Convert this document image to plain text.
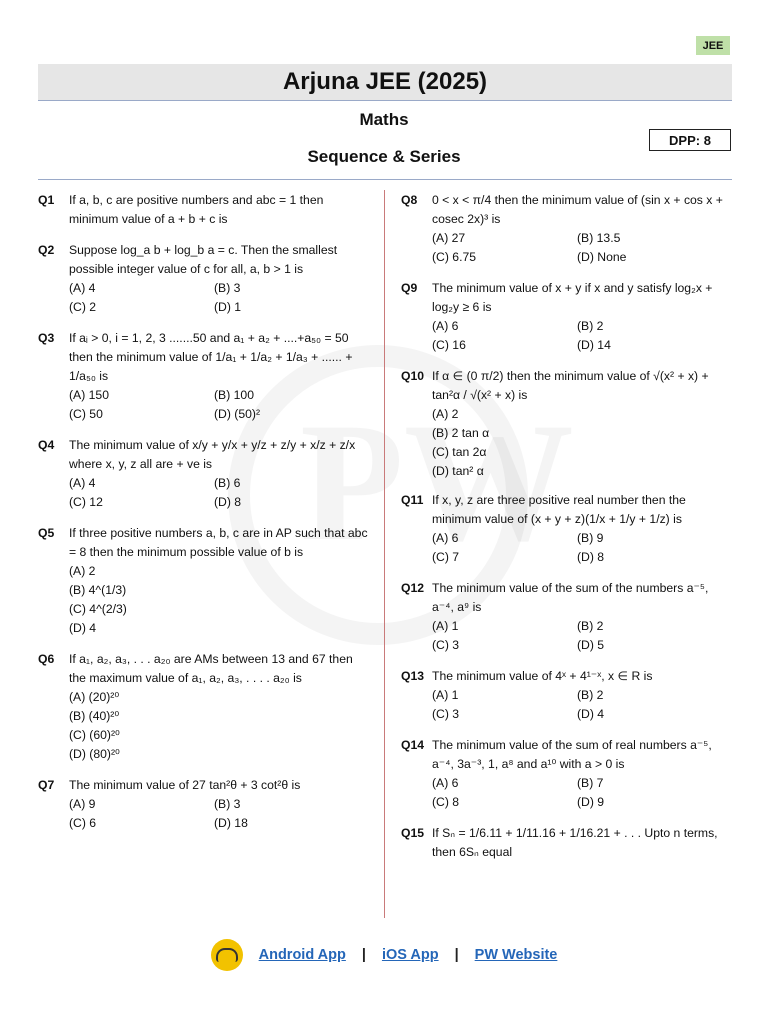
JEE
Arjuna JEE (2025)
Maths
DPP: 8
Sequence & Series
Q1	If a, b, c are positive numbers and abc = 1 then minimum value of a + b + c is
Q2	Suppose log_a b + log_b a = c. Then the smallest possible integer value of c for all, a, b > 1 is
(A) 4	(B) 3
(C) 2	(D) 1
Q3	If aᵢ > 0, i = 1, 2, 3 .......50 and a₁ + a₂ + ....+a₅₀ = 50 then the minimum value of 1/a₁ + 1/a₂ + 1/a₃ + ...... + 1/a₅₀ is
(A) 150	(B) 100
(C) 50	(D) (50)²
Q4	The minimum value of x/y + y/x + y/z + z/y + x/z + z/x where x, y, z all are + ve is
(A) 4	(B) 6
(C) 12	(D) 8
Q5	If three positive numbers a, b, c are in AP such that abc = 8 then the minimum possible value of b is
(A) 2
(B) 4^(1/3)
(C) 4^(2/3)
(D) 4
Q6	If a₁, a₂, a₃, . . . a₂₀ are AMs between 13 and 67 then the maximum value of a₁, a₂, a₃, . . . . a₂₀ is
(A) (20)²⁰
(B) (40)²⁰
(C) (60)²⁰
(D) (80)²⁰
Q7	The minimum value of 27 tan²θ + 3 cot²θ is
(A) 9	(B) 3
(C) 6	(D) 18
Q8	0 < x < π/4 then the minimum value of (sin x + cos x + cosec 2x)³ is
(A) 27	(B) 13.5
(C) 6.75	(D) None
Q9	The minimum value of x + y if x and y satisfy log₂x + log₂y ≥ 6 is
(A) 6	(B) 2
(C) 16	(D) 14
Q10 If α ∈ (0 π/2) then the minimum value of √(x² + x) + tan²α / √(x² + x) is
(A) 2
(B) 2 tan α
(C) tan 2α
(D) tan² α
Q11 If x, y, z are three positive real number then the minimum value of (x + y + z)(1/x + 1/y + 1/z) is
(A) 6	(B) 9
(C) 7	(D) 8
Q12 The minimum value of the sum of the numbers a⁻⁵, a⁻⁴, a⁹ is
(A) 1	(B) 2
(C) 3	(D) 5
Q13 The minimum value of 4ˣ + 4¹⁻ˣ, x ∈ R is
(A) 1	(B) 2
(C) 3	(D) 4
Q14 The minimum value of the sum of real numbers a⁻⁵, a⁻⁴, 3a⁻³, 1, a⁸ and a¹⁰ with a > 0 is
(A) 6	(B) 7
(C) 8	(D) 9
Q15 If Sₙ = 1/6.11 + 1/11.16 + 1/16.21 + . . . Upto n terms, then 6Sₙ equal
Android App | iOS App | PW Website
